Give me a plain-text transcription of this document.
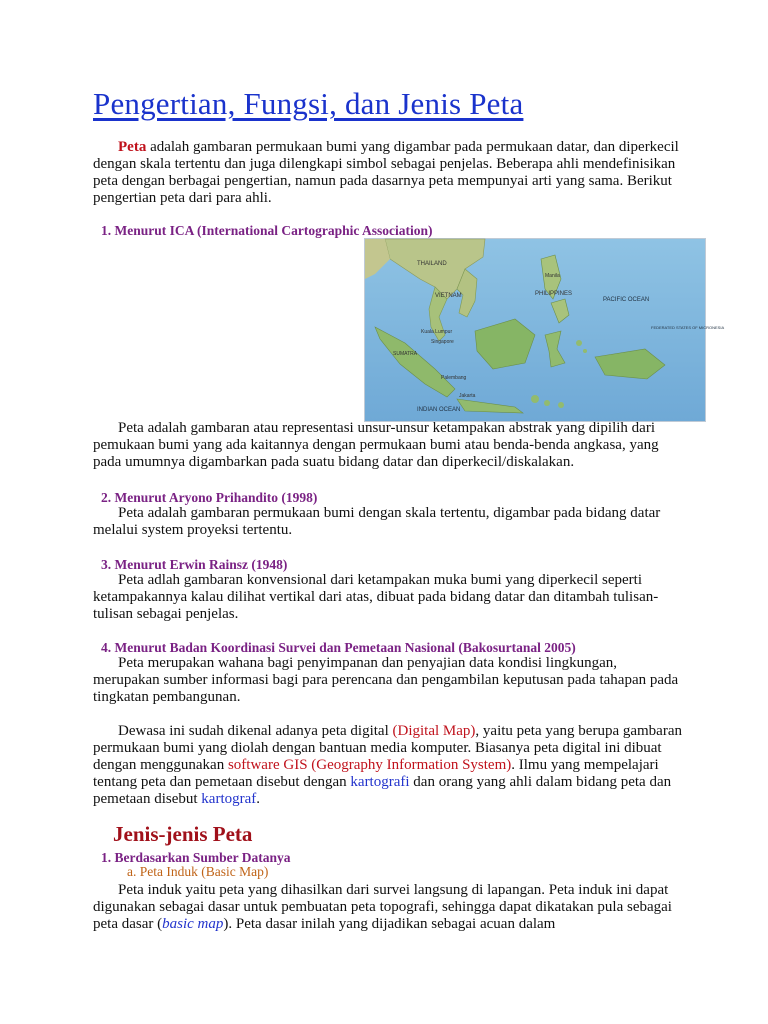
Pengertian, Fungsi, dan Jenis Peta

Peta adalah gambaran permukaan bumi yang digambar pada permukaan datar, dan diperkecil dengan skala tertentu dan juga dilengkapi simbol sebagai penjelas. Beberapa ahli mendefinisikan peta dengan berbagai pengertian, namun pada dasarnya peta mempunyai arti yang sama. Berikut pengertian peta dari para ahli.

1. Menurut ICA (International Cartographic Association)
THAILAND
VIETNAM	PHILIPPINES
Manila
PACIFIC OCEAN
FEDERATED STATES OF MICRONESIA
INDIAN OCEAN
Kuala Lumpur
Singapore
SUMATRA
Palembang
Jakarta

Peta adalah gambaran atau representasi unsur-unsur ketampakan abstrak yang dipilih dari pemukaan bumi yang ada kaitannya dengan permukaan bumi atau benda-benda angkasa, yang pada umumnya digambarkan pada suatu bidang datar dan diperkecil/diskalakan.

2. Menurut Aryono Prihandito (1998)

Peta adalah gambaran permukaan bumi dengan skala tertentu, digambar pada bidang datar melalui system proyeksi tertentu.

3. Menurut Erwin Rainsz (1948)

Peta adlah gambaran konvensional dari ketampakan muka bumi yang diperkecil seperti ketampakannya kalau dilihat vertikal dari atas, dibuat pada bidang datar dan ditambah tulisan-tulisan sebagai penjelas.

4. Menurut Badan Koordinasi Survei dan Pemetaan Nasional (Bakosurtanal 2005)

Peta merupakan wahana bagi penyimpanan dan penyajian data kondisi lingkungan, merupakan sumber informasi bagi para perencana dan pengambilan keputusan pada tahapan pada tingkatan pembangunan.

Dewasa ini sudah dikenal adanya peta digital (Digital Map), yaitu peta yang berupa gambaran permukaan bumi yang diolah dengan bantuan media komputer. Biasanya peta digital ini dibuat dengan menggunakan software GIS (Geography Information System). Ilmu yang mempelajari tentang peta dan pemetaan disebut dengan kartografi dan orang yang ahli dalam bidang peta dan pemetaan disebut kartograf.

Jenis-jenis Peta
1. Berdasarkan Sumber Datanya

a. Peta Induk (Basic Map)

Peta induk yaitu peta yang dihasilkan dari survei langsung di lapangan. Peta induk ini dapat digunakan sebagai dasar untuk pembuatan peta topografi, sehingga dapat dikatakan pula sebagai peta dasar (basic map). Peta dasar inilah yang dijadikan sebagai acuan dalam
